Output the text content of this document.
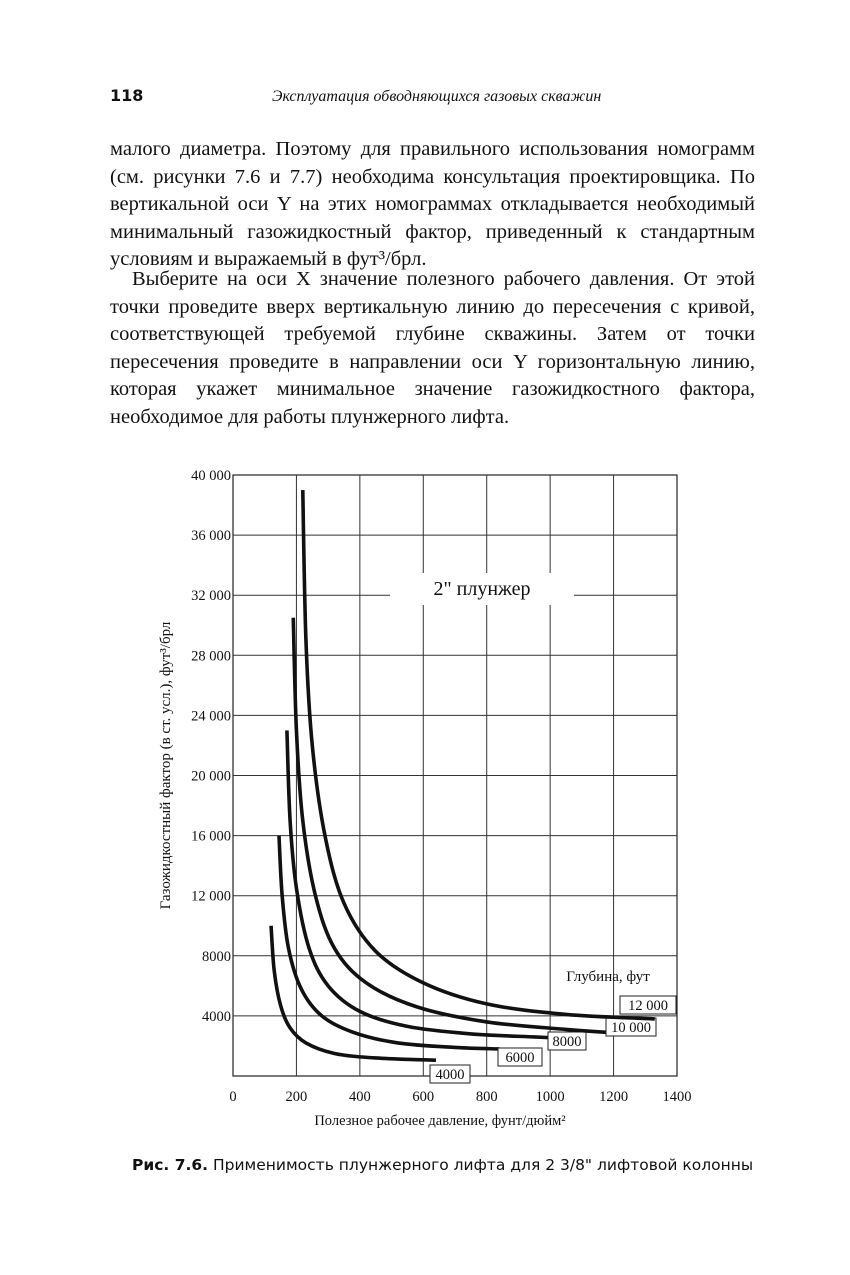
118	Эксплуатация обводняющихся газовых скважин

малого диаметра. Поэтому для правильного использования номограмм (см. рисунки 7.6 и 7.7) необходима консультация проектировщика. По вертикальной оси Y на этих номограммах откладывается необходимый минимальный газожидкостный фактор, приведенный к стандартным условиям и выражаемый в фут³/брл.

Выберите на оси X значение полезного рабочего давления. От этой точки проведите вверх вертикальную линию до пересечения с кривой, соответствующей требуемой глубине скважины. Затем от точки пересечения проведите в направлении оси Y горизонтальную линию, которая укажет минимальное значение газожидкостного фактора, необходимое для работы плунжерного лифта.

0	200	400	600	800	1000 1200 1400
4000
8000
12 000
16 000
20 000
24 000
28 000
32 000
36 000
40 000
Полезное рабочее давление, фунт/дюйм²
Газожидкостный фактор (в ст. усл.), фут³/брл
2" плунжер
Глубина, фут
4000
6000
8000
10 000
12 000
Рис. 7.6. Применимость плунжерного лифта для 2 3/8" лифтовой колонны
